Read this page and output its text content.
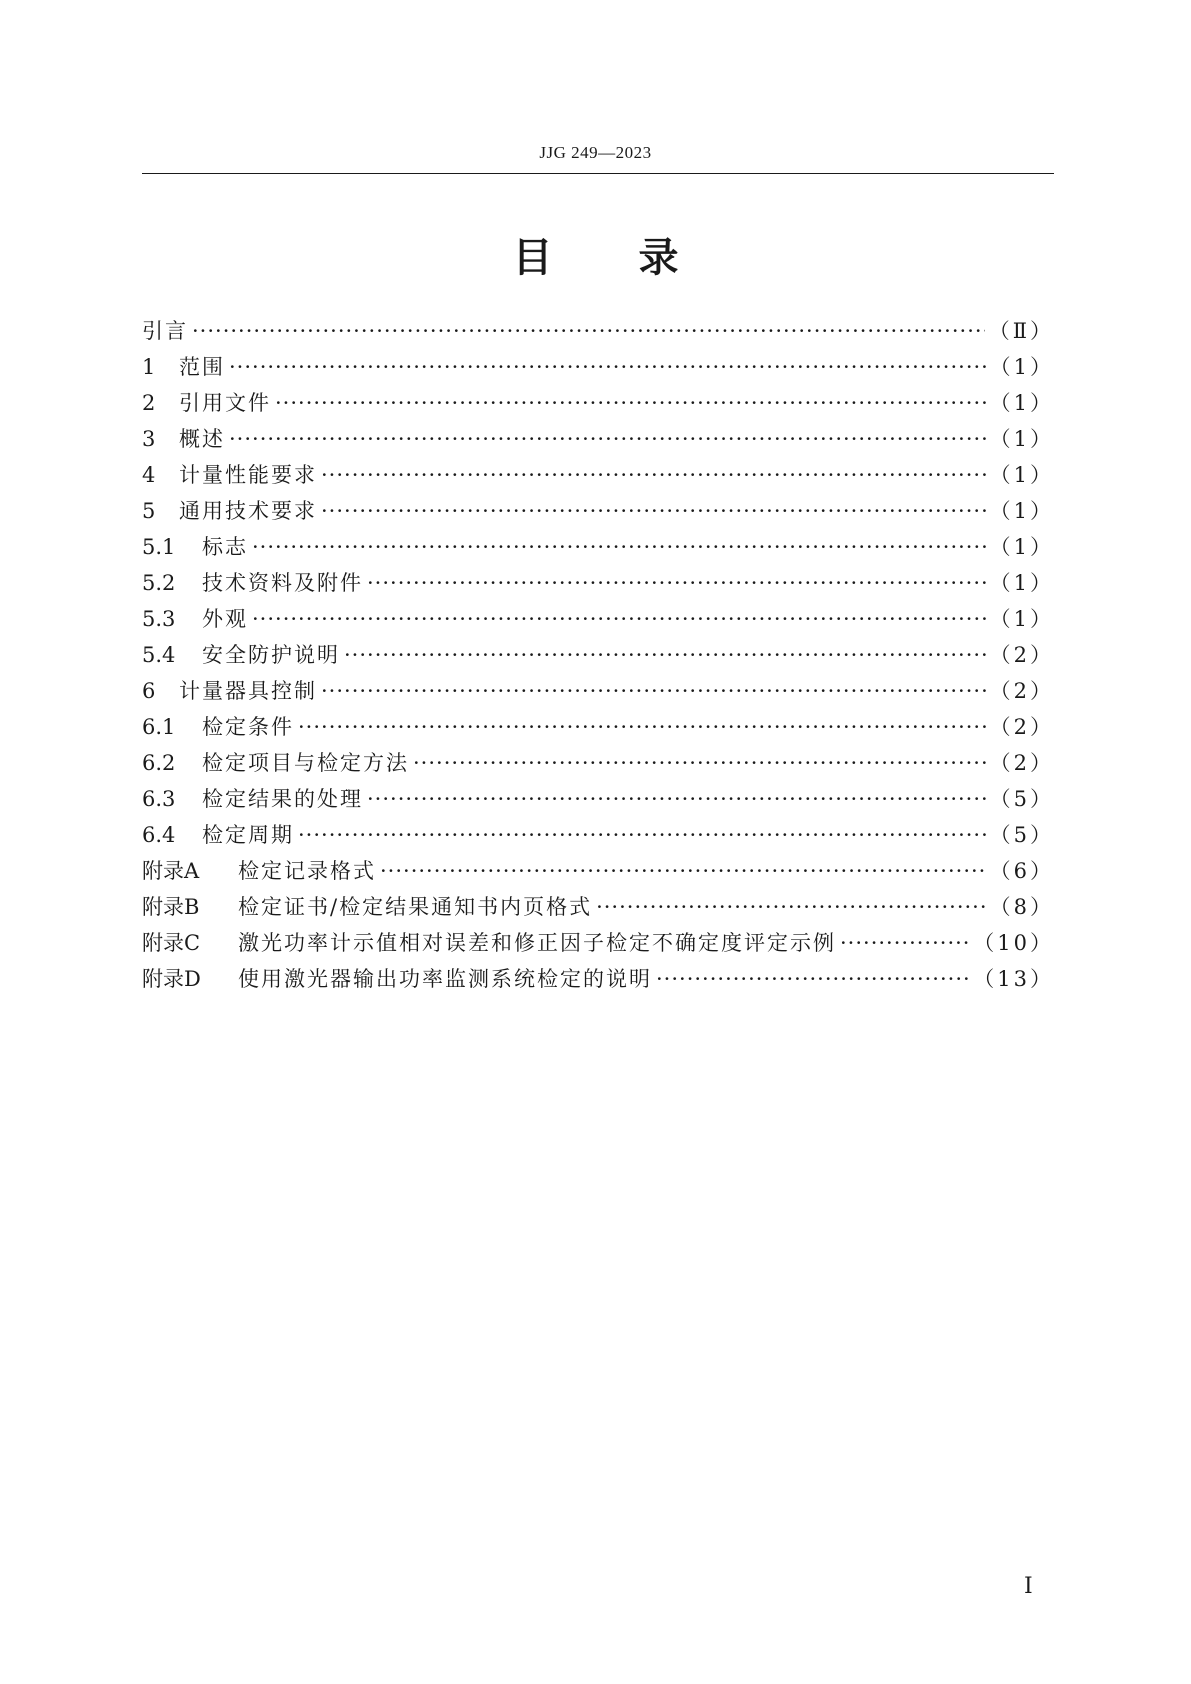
JJG 249—2023
目录
引言 ·····	（Ⅱ）
1	范围 ·····	（1）
2	引用文件 ·····	（1）
3	概述 ·····	（1）
4	计量性能要求 ·····	（1）
5	通用技术要求 ·····	（1）
5.1	标志 ·····	（1）
5.2	技术资料及附件 ·····	（1）
5.3	外观 ·····	（1）
5.4	安全防护说明 ·····	（2）
6	计量器具控制 ·····	（2）
6.1	检定条件 ·····	（2）
6.2	检定项目与检定方法 ·····	（2）
6.3	检定结果的处理 ·····	（5）
6.4	检定周期 ·····	（5）
附录A	检定记录格式 ·····	（6）
附录B	检定证书/检定结果通知书内页格式 ·····	（8）
附录C	激光功率计示值相对误差和修正因子检定不确定度评定示例 ·····	（10）
附录D	使用激光器输出功率监测系统检定的说明 ·····	（13）
Ⅰ
